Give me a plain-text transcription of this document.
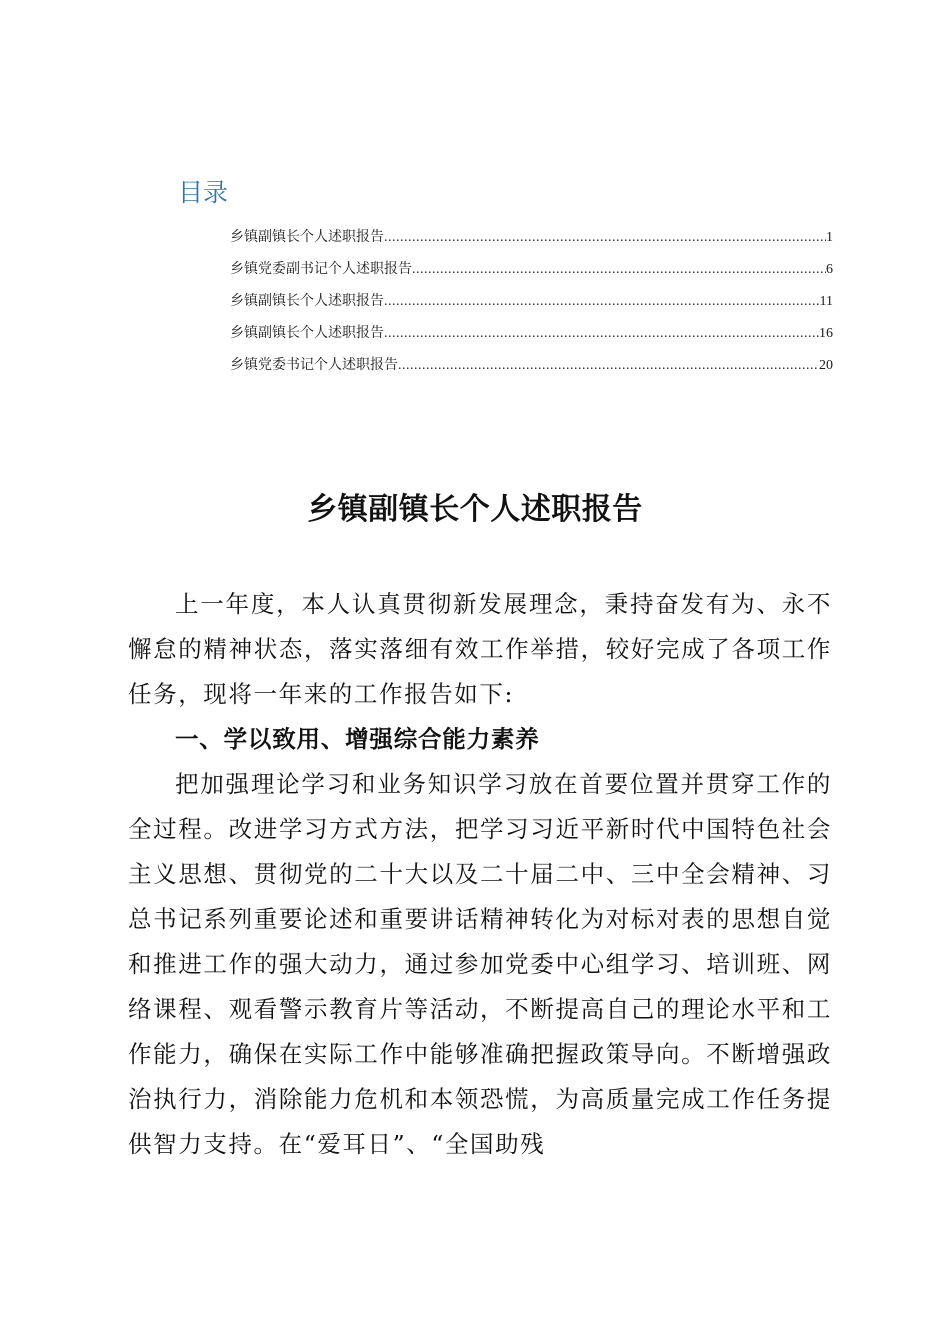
目录
乡镇副镇长个人述职报告 .....	1
乡镇党委副书记个人述职报告 .....	6
乡镇副镇长个人述职报告 .....	11
乡镇副镇长个人述职报告 .....	16
乡镇党委书记个人述职报告 .....	20
乡镇副镇长个人述职报告

上一年度，本人认真贯彻新发展理念，秉持奋发有为、永不懈怠的精神状态，落实落细有效工作举措，较好完成了各项工作任务，现将一年来的工作报告如下:

一、学以致用、增强综合能力素养

把加强理论学习和业务知识学习放在首要位置并贯穿工作的全过程。改进学习方式方法，把学习习近平新时代中国特色社会主义思想、贯彻党的二十大以及二十届二中、三中全会精神、习总书记系列重要论述和重要讲话精神转化为对标对表的思想自觉和推进工作的强大动力，通过参加党委中心组学习、培训班、网络课程、观看警示教育片等活动，不断提高自己的理论水平和工作能力，确保在实际工作中能够准确把握政策导向。不断增强政治执行力，消除能力危机和本领恐慌，为高质量完成工作任务提供智力支持。在“爱耳日”、“全国助残
